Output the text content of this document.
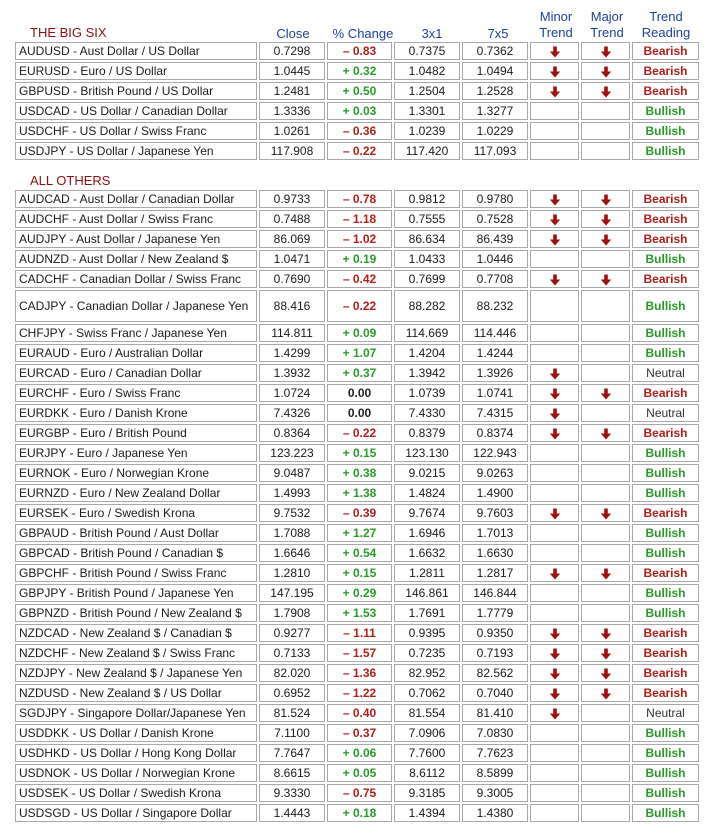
Close	% Change	3x1	7x5
Minor
Trend
Major
Trend
Trend
Reading
THE BIG SIX
AUDUSD - Aust Dollar / US Dollar	0.7298	– 0.83	0.7375	0.7362			Bearish
EURUSD - Euro / US Dollar	1.0445	+ 0.32	1.0482	1.0494			Bearish
GBPUSD - British Pound / US Dollar	1.2481	+ 0.50	1.2504	1.2528			Bearish
USDCAD - US Dollar / Canadian Dollar	1.3336	+ 0.03	1.3301	1.3277			Bullish
USDCHF - US Dollar / Swiss Franc	1.0261	– 0.36	1.0239	1.0229			Bullish
USDJPY - US Dollar / Japanese Yen	117.908	– 0.22	117.420	117.093			Bullish
ALL OTHERS
AUDCAD - Aust Dollar / Canadian Dollar	0.9733	– 0.78	0.9812	0.9780			Bearish
AUDCHF - Aust Dollar / Swiss Franc	0.7488	– 1.18	0.7555	0.7528			Bearish
AUDJPY - Aust Dollar / Japanese Yen	86.069	– 1.02	86.634	86.439			Bearish
AUDNZD - Aust Dollar / New Zealand $	1.0471	+ 0.19	1.0433	1.0446			Bullish
CADCHF - Canadian Dollar / Swiss Franc	0.7690	– 0.42	0.7699	0.7708			Bearish
CADJPY - Canadian Dollar / Japanese Yen	88.416	– 0.22	88.282	88.232			Bullish
CHFJPY - Swiss Franc / Japanese Yen	114.811	+ 0.09	114.669	114.446			Bullish
EURAUD - Euro / Australian Dollar	1.4299	+ 1.07	1.4204	1.4244			Bullish
EURCAD - Euro / Canadian Dollar	1.3932	+ 0.37	1.3942	1.3926			Neutral
EURCHF - Euro / Swiss Franc	1.0724	0.00	1.0739	1.0741			Bearish
EURDKK - Euro / Danish Krone	7.4326	0.00	7.4330	7.4315			Neutral
EURGBP - Euro / British Pound	0.8364	– 0.22	0.8379	0.8374			Bearish
EURJPY - Euro / Japanese Yen	123.223	+ 0.15	123.130	122.943			Bullish
EURNOK - Euro / Norwegian Krone	9.0487	+ 0.38	9.0215	9.0263			Bullish
EURNZD - Euro / New Zealand Dollar	1.4993	+ 1.38	1.4824	1.4900			Bullish
EURSEK - Euro / Swedish Krona	9.7532	– 0.39	9.7674	9.7603			Bearish
GBPAUD - British Pound / Aust Dollar	1.7088	+ 1.27	1.6946	1.7013			Bullish
GBPCAD - British Pound / Canadian $	1.6646	+ 0.54	1.6632	1.6630			Bullish
GBPCHF - British Pound / Swiss Franc	1.2810	+ 0.15	1.2811	1.2817			Bearish
GBPJPY - British Pound / Japanese Yen	147.195	+ 0.29	146.861	146.844			Bullish
GBPNZD - British Pound / New Zealand $	1.7908	+ 1.53	1.7691	1.7779			Bullish
NZDCAD - New Zealand $ / Canadian $	0.9277	– 1.11	0.9395	0.9350			Bearish
NZDCHF - New Zealand $ / Swiss Franc	0.7133	– 1.57	0.7235	0.7193			Bearish
NZDJPY - New Zealand $ / Japanese Yen	82.020	– 1.36	82.952	82.562			Bearish
NZDUSD - New Zealand $ / US Dollar	0.6952	– 1.22	0.7062	0.7040			Bearish
SGDJPY - Singapore Dollar/Japanese Yen	81.524	– 0.40	81.554	81.410			Neutral
USDDKK - US Dollar / Danish Krone	7.1100	– 0.37	7.0906	7.0830			Bullish
USDHKD - US Dollar / Hong Kong Dollar	7.7647	+ 0.06	7.7600	7.7623			Bullish
USDNOK - US Dollar / Norwegian Krone	8.6615	+ 0.05	8.6112	8.5899			Bullish
USDSEK - US Dollar / Swedish Krona	9.3330	– 0.75	9.3185	9.3005			Bullish
USDSGD - US Dollar / Singapore Dollar	1.4443	+ 0.18	1.4394	1.4380			Bullish
